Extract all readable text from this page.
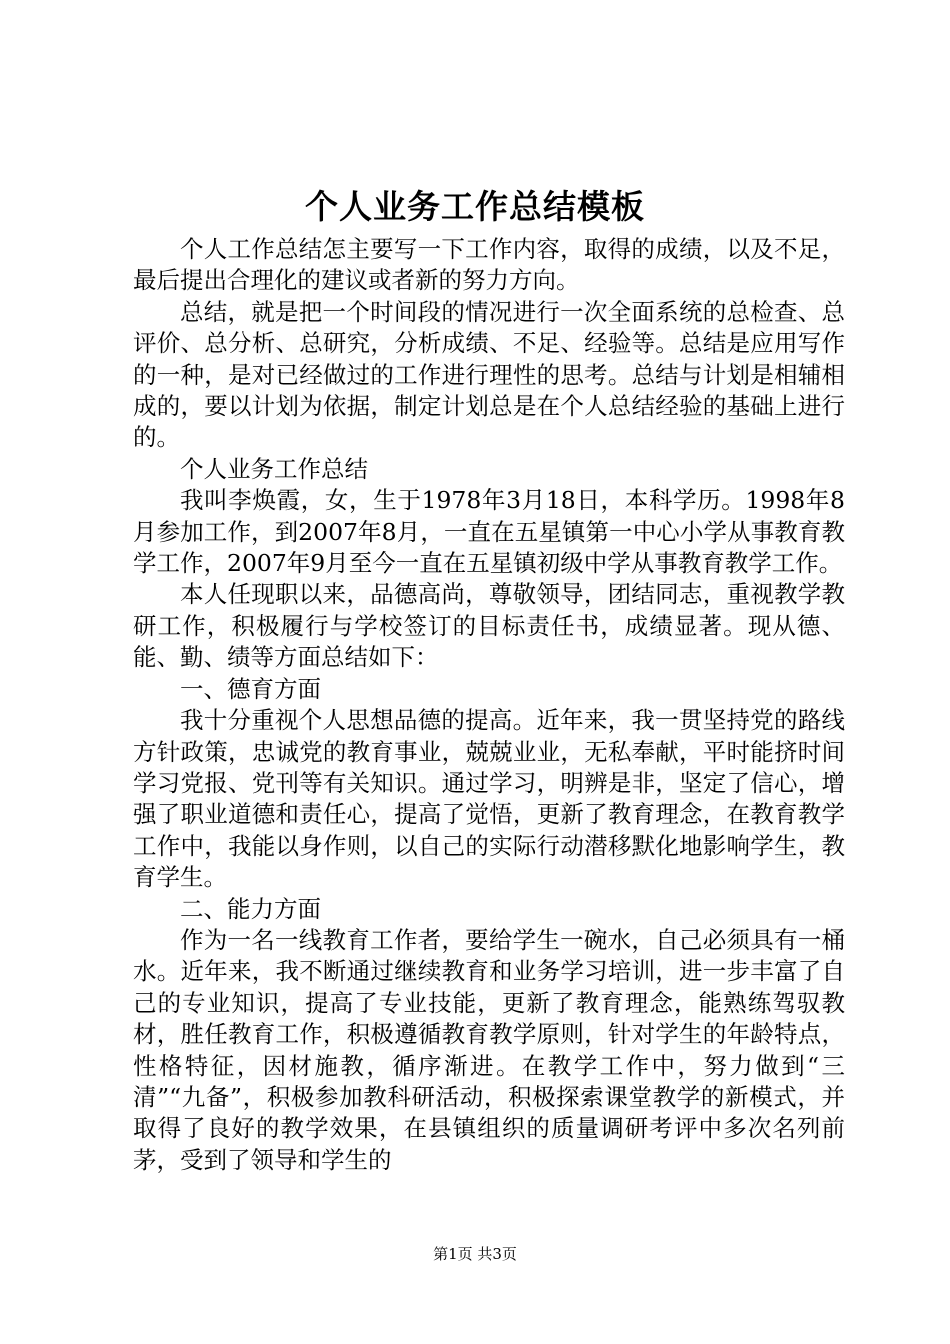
个人业务工作总结模板

个人工作总结怎主要写一下工作内容，取得的成绩，以及不足，最后提出合理化的建议或者新的努力方向。

总结，就是把一个时间段的情况进行一次全面系统的总检查、总评价、总分析、总研究，分析成绩、不足、经验等。总结是应用写作的一种，是对已经做过的工作进行理性的思考。总结与计划是相辅相成的，要以计划为依据，制定计划总是在个人总结经验的基础上进行的。

个人业务工作总结

我叫李焕霞，女，生于1978年3月18日，本科学历。1998年8月参加工作，到2007年8月，一直在五星镇第一中心小学从事教育教学工作，2007年9月至今一直在五星镇初级中学从事教育教学工作。

本人任现职以来，品德高尚，尊敬领导，团结同志，重视教学教研工作，积极履行与学校签订的目标责任书，成绩显著。现从德、能、勤、绩等方面总结如下：

一、德育方面

我十分重视个人思想品德的提高。近年来，我一贯坚持党的路线方针政策，忠诚党的教育事业，兢兢业业，无私奉献，平时能挤时间学习党报、党刊等有关知识。通过学习，明辨是非，坚定了信心，增强了职业道德和责任心，提高了觉悟，更新了教育理念，在教育教学工作中，我能以身作则，以自己的实际行动潜移默化地影响学生，教育学生。

二、能力方面

作为一名一线教育工作者，要给学生一碗水，自己必须具有一桶水。近年来，我不断通过继续教育和业务学习培训，进一步丰富了自己的专业知识，提高了专业技能，更新了教育理念，能熟练驾驭教材，胜任教育工作，积极遵循教育教学原则，针对学生的年龄特点，性格特征，因材施教，循序渐进。在教学工作中，努力做到“三清”“九备”，积极参加教科研活动，积极探索课堂教学的新模式，并取得了良好的教学效果，在县镇组织的质量调研考评中多次名列前茅，受到了领导和学生的

第1页 共3页
